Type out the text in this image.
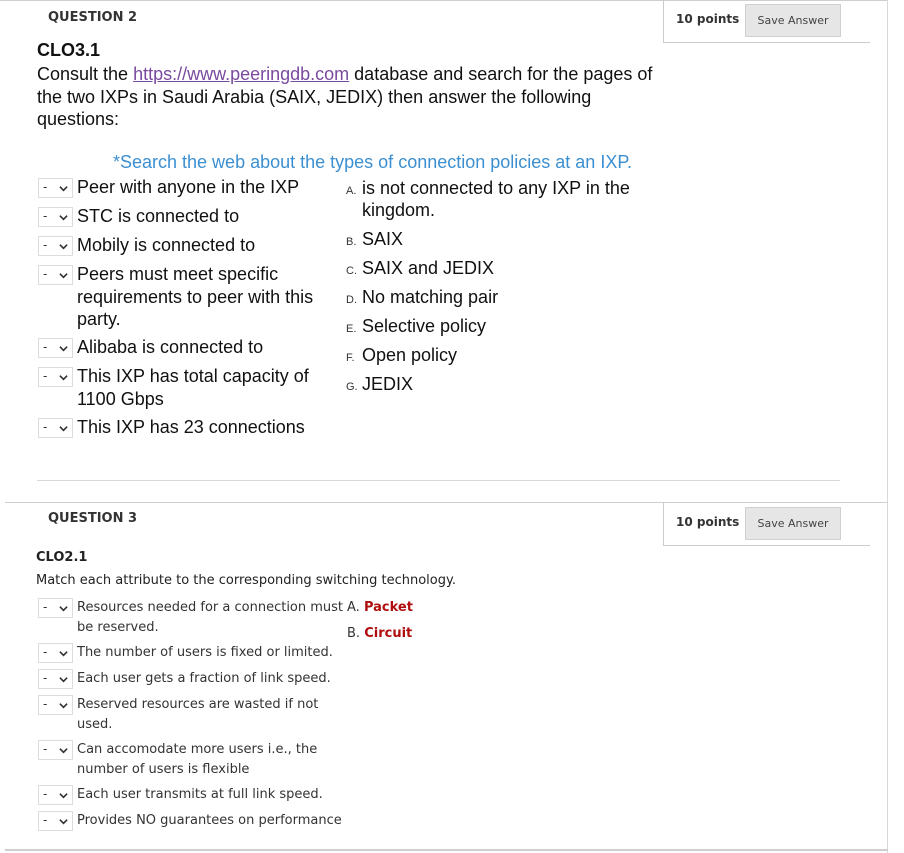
QUESTION 2	10 points	Save Answer
CLO3.1
Consult the https://www.peeringdb.com database and search for the pages of the two IXPs in Saudi Arabia (SAIX, JEDIX) then answer the following questions:
*Search the web about the types of connection policies at an IXP.
- Peer with anyone in the IXP
- STC is connected to
- Mobily is connected to
- Peers must meet specific requirements to peer with this party.
- Alibaba is connected to
- This IXP has total capacity of 1100 Gbps
- This IXP has 23 connections
A. is not connected to any IXP in the kingdom.
B. SAIX
C. SAIX and JEDIX
D. No matching pair
E. Selective policy
F. Open policy
G. JEDIX
QUESTION 3	10 points	Save Answer
CLO2.1
Match each attribute to the corresponding switching technology.
- Resources needed for a connection must be reserved.
- The number of users is fixed or limited.
- Each user gets a fraction of link speed.
- Reserved resources are wasted if not used.
- Can accomodate more users i.e., the number of users is flexible
- Each user transmits at full link speed.
- Provides NO guarantees on performance
A. Packet
B. Circuit
